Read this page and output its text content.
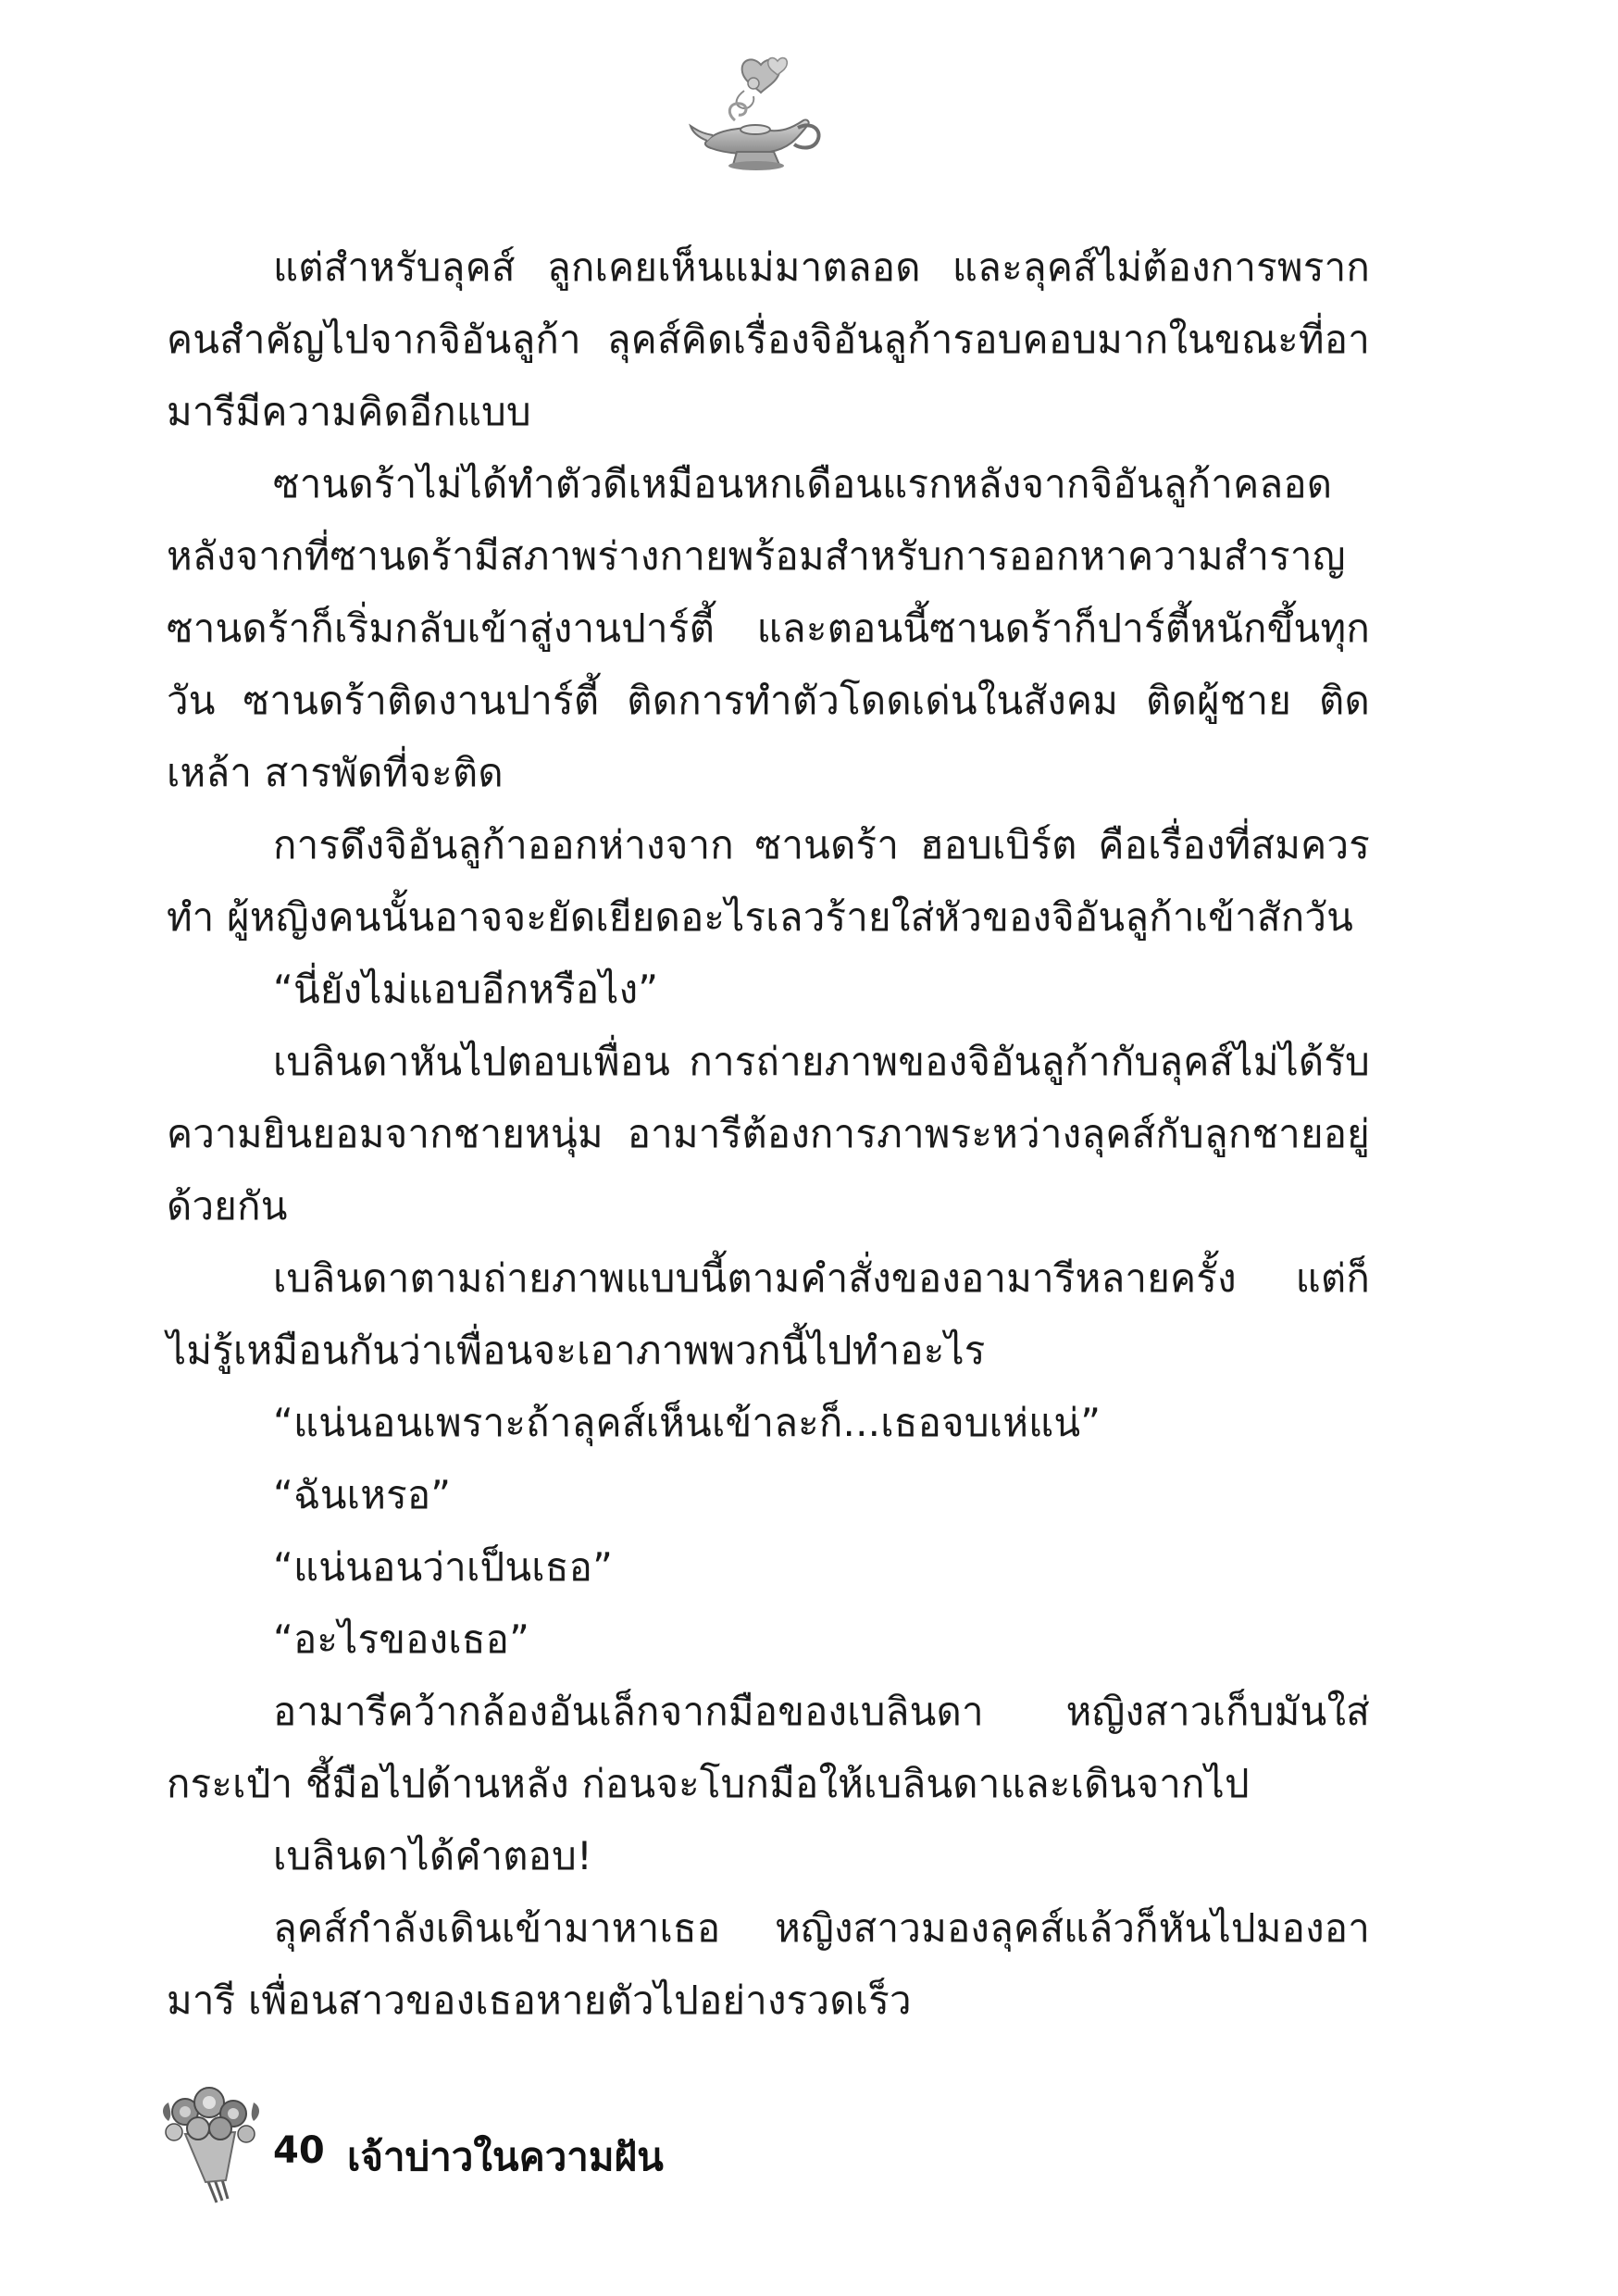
แต่สำหรับลุคส์ ลูกเคยเห็นแม่มาตลอด และลุคส์ไม่ต้องการพรากคนสำคัญไปจากจิอันลูก้า ลุคส์คิดเรื่องจิอันลูก้ารอบคอบมากในขณะที่อามารีมีความคิดอีกแบบ

ซานดร้าไม่ได้ทำตัวดีเหมือนหกเดือนแรกหลังจากจิอันลูก้าคลอด หลังจากที่ซานดร้ามีสภาพร่างกายพร้อมสำหรับการออกหาความสำราญ ซานดร้าก็เริ่มกลับเข้าสู่งานปาร์ตี้ และตอนนี้ซานดร้าก็ปาร์ตี้หนักขึ้นทุกวัน ซานดร้าติดงานปาร์ตี้ ติดการทำตัวโดดเด่นในสังคม ติดผู้ชาย ติดเหล้า สารพัดที่จะติด

การดึงจิอันลูก้าออกห่างจาก ซานดร้า ฮอบเบิร์ต คือเรื่องที่สมควรทำ ผู้หญิงคนนั้นอาจจะยัดเยียดอะไรเลวร้ายใส่หัวของจิอันลูก้าเข้าสักวัน

“นี่ยังไม่แอบอีกหรือไง”

เบลินดาหันไปตอบเพื่อน การถ่ายภาพของจิอันลูก้ากับลุคส์ไม่ได้รับความยินยอมจากชายหนุ่ม อามารีต้องการภาพระหว่างลุคส์กับลูกชายอยู่ด้วยกัน

เบลินดาตามถ่ายภาพแบบนี้ตามคำสั่งของอามารีหลายครั้ง แต่ก็ไม่รู้เหมือนกันว่าเพื่อนจะเอาภาพพวกนี้ไปทำอะไร

“แน่นอนเพราะถ้าลุคส์เห็นเข้าละก็...เธอจบเห่แน่”

“ฉันเหรอ”

“แน่นอนว่าเป็นเธอ”

“อะไรของเธอ”

อามารีคว้ากล้องอันเล็กจากมือของเบลินดา หญิงสาวเก็บมันใส่กระเป๋า ชี้มือไปด้านหลัง ก่อนจะโบกมือให้เบลินดาและเดินจากไป

เบลินดาได้คำตอบ!

ลุคส์กำลังเดินเข้ามาหาเธอ หญิงสาวมองลุคส์แล้วก็หันไปมองอามารี เพื่อนสาวของเธอหายตัวไปอย่างรวดเร็ว

40 เจ้าบ่าวในความฝัน
